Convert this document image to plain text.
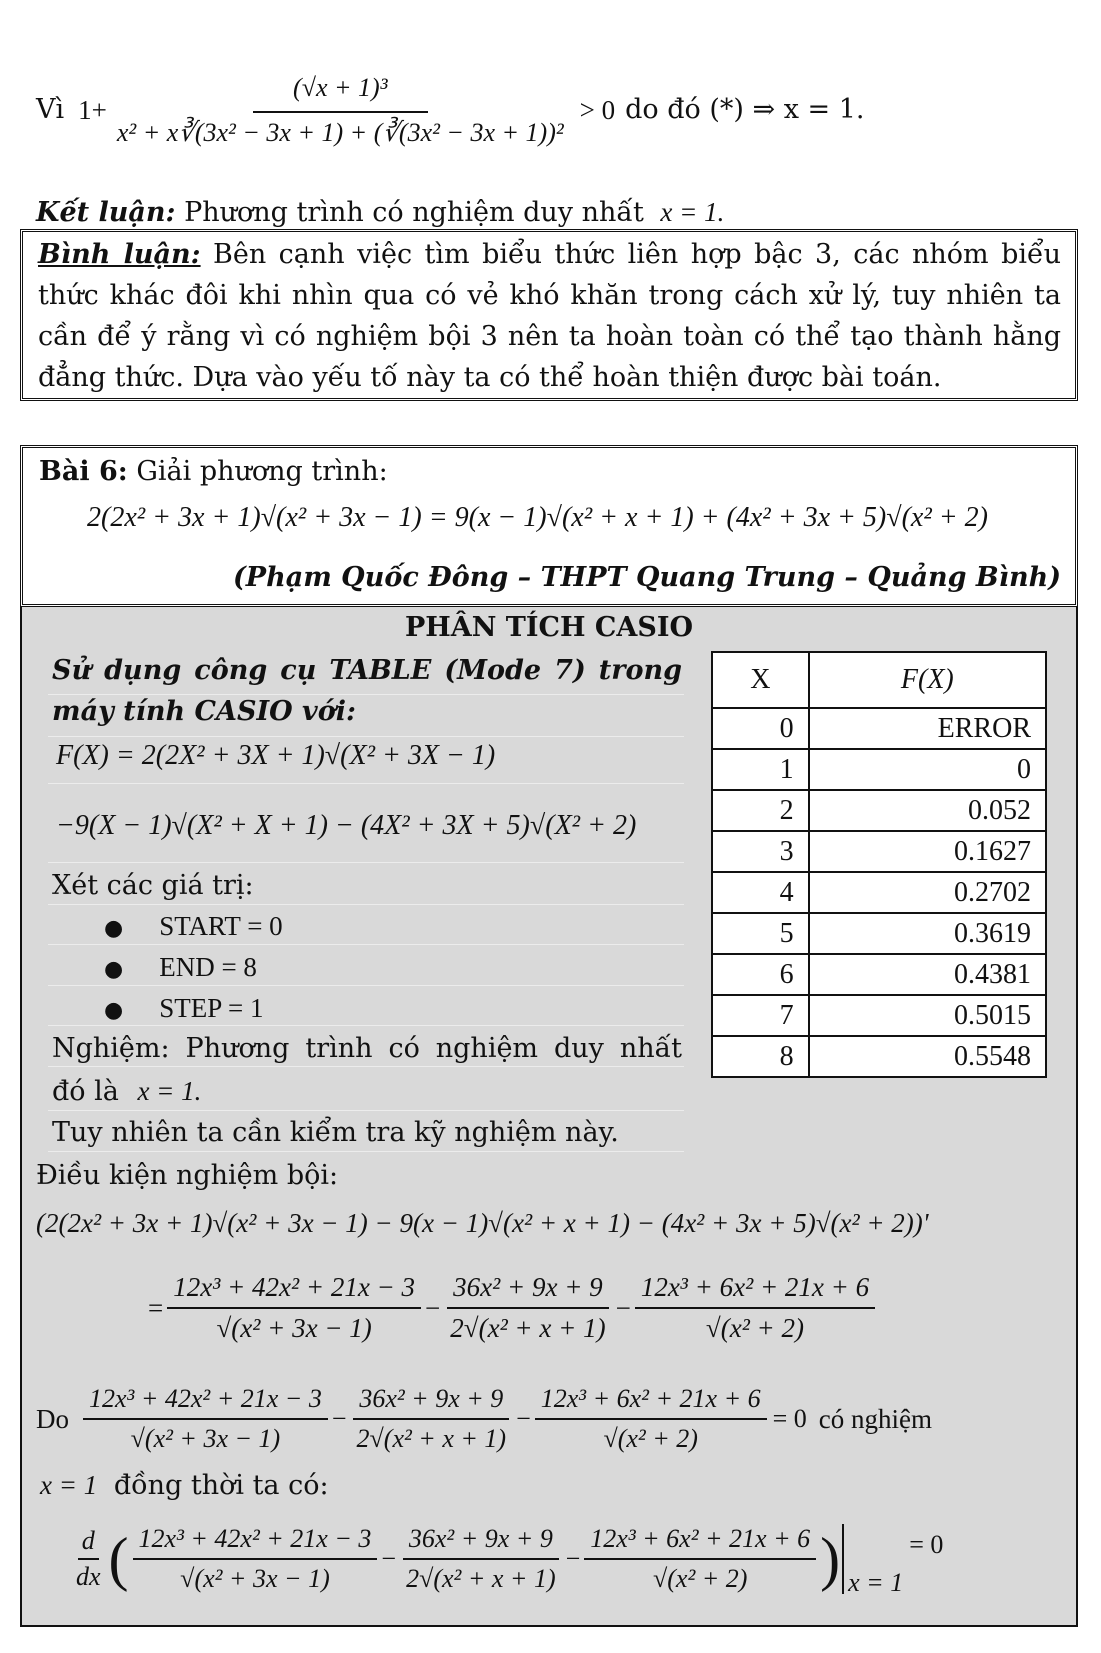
Vì $1+ \frac{\text{(√x + 1)³}}{\text{x² + x∛(3x² − 3x + 1) + (∛(3x² − 3x + 1))²}} > 0$ do đó (*) ⇒ x = 1.
Kết luận: Phương trình có nghiệm duy nhất x = 1.
Bình luận: Bên cạnh việc tìm biểu thức liên hợp bậc 3, các nhóm biểu thức khác đôi khi nhìn qua có vẻ khó khăn trong cách xử lý, tuy nhiên ta cần để ý rằng vì có nghiệm bội 3 nên ta hoàn toàn có thể tạo thành hằng đẳng thức. Dựa vào yếu tố này ta có thể hoàn thiện được bài toán.
Bài 6: Giải phương trình:
2(2x² + 3x + 1)√(x² + 3x − 1) = 9(x − 1)√(x² + x + 1) + (4x² + 3x + 5)√(x² + 2)
(Phạm Quốc Đông – THPT Quang Trung – Quảng Bình)
PHÂN TÍCH CASIO
Sử dụng công cụ TABLE (Mode 7) trong máy tính CASIO với:
F(X) = 2(2X² + 3X + 1)√(X² + 3X − 1)
−9(X − 1)√(X² + X + 1) − (4X² + 3X + 5)√(X² + 2)
Xét các giá trị:
● START = 0
● END = 8
● STEP = 1
Nghiệm: Phương trình có nghiệm duy nhất
đó là x = 1.
Tuy nhiên ta cần kiểm tra kỹ nghiệm này.
X	F(X)
0	ERROR
1	0
2	0.052
3	0.1627
4	0.2702
5	0.3619
6	0.4381
7	0.5015
8	0.5548
Điều kiện nghiệm bội:
(2(2x² + 3x + 1)√(x² + 3x − 1) − 9(x − 1)√(x² + x + 1) − (4x² + 3x + 5)√(x² + 2))'
= $\frac{\text{12x³ + 42x² + 21x − 3}}{\text{√(x² + 3x − 1)}} - \frac{\text{36x² + 9x + 9}}{\text{2√(x² + x + 1)}} - \frac{\text{12x³ + 6x² + 21x + 6}}{\text{√(x² + 2)}}$
Do $\frac{\text{12x³ + 42x² + 21x − 3}}{\text{√(x² + 3x − 1)}} - \frac{\text{36x² + 9x + 9}}{\text{2√(x² + x + 1)}} - \frac{\text{12x³ + 6x² + 21x + 6}}{\text{√(x² + 2)}} = 0$ có nghiệm
x = 1 đồng thời ta có:
$\frac{d}{dx}$ ( $\frac{\text{12x³ + 42x² + 21x − 3}}{\text{√(x² + 3x − 1)}} - \frac{\text{36x² + 9x + 9}}{\text{2√(x² + x + 1)}} - \frac{\text{12x³ + 6x² + 21x + 6}}{\text{√(x² + 2)}}$ ) x = 1
= 0
